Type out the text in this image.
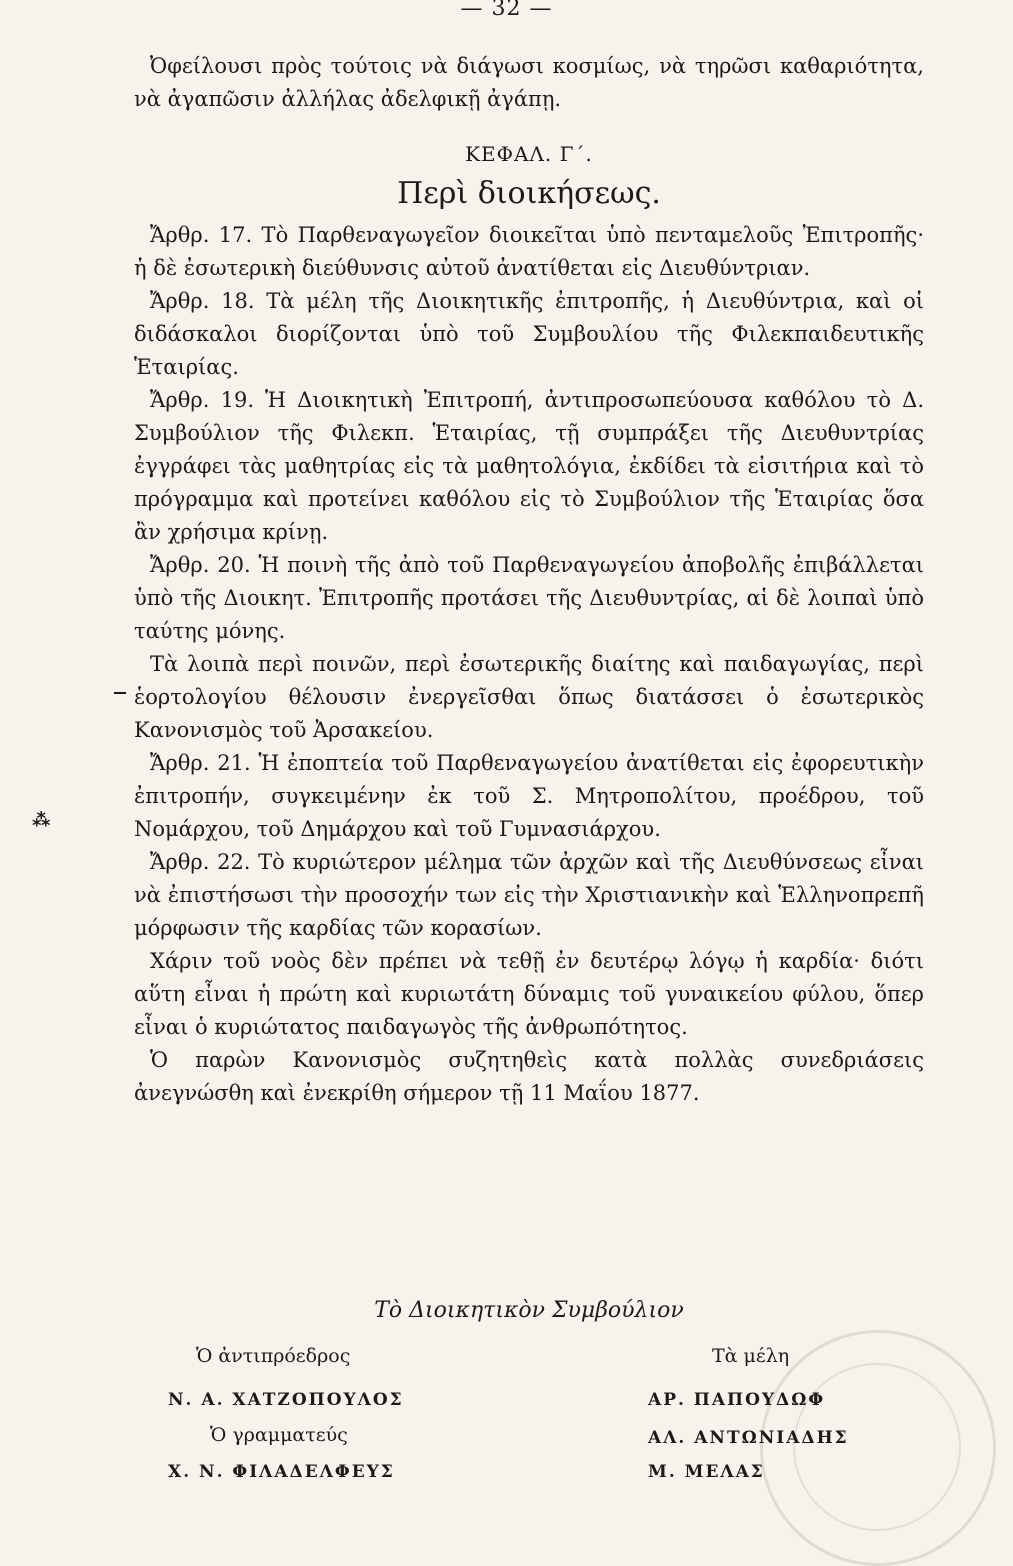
— 32 —
⁂

Ὀφείλουσι πρὸς τούτοις νὰ διάγωσι κοσμίως, νὰ τηρῶσι καθαριότητα, νὰ ἀγαπῶσιν ἀλλήλας ἀδελφικῇ ἀγάπῃ.

ΚΕΦΑΛ. Γ΄.

Περὶ διοικήσεως.

Ἄρθρ. 17. Τὸ Παρθεναγωγεῖον διοικεῖται ὑπὸ πενταμελοῦς Ἐπιτροπῆς· ἡ δὲ ἐσωτερικὴ διεύθυνσις αὐτοῦ ἀνατίθεται εἰς Διευθύντριαν.

Ἄρθρ. 18. Τὰ μέλη τῆς Διοικητικῆς ἐπιτροπῆς, ἡ Διευθύντρια, καὶ οἱ διδάσκαλοι διορίζονται ὑπὸ τοῦ Συμβουλίου τῆς Φιλεκπαιδευτικῆς Ἑταιρίας.

Ἄρθρ. 19. Ἡ Διοικητικὴ Ἐπιτροπή, ἀντιπροσωπεύουσα καθόλου τὸ Δ. Συμβούλιον τῆς Φιλεκπ. Ἑταιρίας, τῇ συμπράξει τῆς Διευθυντρίας ἐγγράφει τὰς μαθητρίας εἰς τὰ μαθητολόγια, ἐκδίδει τὰ εἰσιτήρια καὶ τὸ πρόγραμμα καὶ προτείνει καθόλου εἰς τὸ Συμβούλιον τῆς Ἑταιρίας ὅσα ἂν χρήσιμα κρίνῃ.

Ἄρθρ. 20. Ἡ ποινὴ τῆς ἀπὸ τοῦ Παρθεναγωγείου ἀποβολῆς ἐπιβάλλεται ὑπὸ τῆς Διοικητ. Ἐπιτροπῆς προτάσει τῆς Διευθυντρίας, αἱ δὲ λοιπαὶ ὑπὸ ταύτης μόνης.

Τὰ λοιπὰ περὶ ποινῶν, περὶ ἐσωτερικῆς διαίτης καὶ παιδαγωγίας, περὶ ἑορτολογίου θέλουσιν ἐνεργεῖσθαι ὅπως διατάσσει ὁ ἐσωτερικὸς Κανονισμὸς τοῦ Ἀρσακείου.

Ἄρθρ. 21. Ἡ ἐποπτεία τοῦ Παρθεναγωγείου ἀνατίθεται εἰς ἐφορευτικὴν ἐπιτροπήν, συγκειμένην ἐκ τοῦ Σ. Μητροπολίτου, προέδρου, τοῦ Νομάρχου, τοῦ Δημάρχου καὶ τοῦ Γυμνασιάρχου.

Ἄρθρ. 22. Τὸ κυριώτερον μέλημα τῶν ἀρχῶν καὶ τῆς Διευθύνσεως εἶναι νὰ ἐπιστήσωσι τὴν προσοχήν των εἰς τὴν Χριστιανικὴν καὶ Ἑλληνοπρεπῆ μόρφωσιν τῆς καρδίας τῶν κορασίων.

Χάριν τοῦ νοὸς δὲν πρέπει νὰ τεθῇ ἐν δευτέρῳ λόγῳ ἡ καρδία· διότι αὕτη εἶναι ἡ πρώτη καὶ κυριωτάτη δύναμις τοῦ γυναικείου φύλου, ὅπερ εἶναι ὁ κυριώτατος παιδαγωγὸς τῆς ἀνθρωπότητος.

Ὁ παρὼν Κανονισμὸς συζητηθεὶς κατὰ πολλὰς συνεδριάσεις ἀνεγνώσθη καὶ ἐνεκρίθη σήμερον τῇ 11 Μαΐου 1877.

Τὸ Διοικητικὸν Συμβούλιον
Ὁ ἀντιπρόεδρος	Τὰ μέλη
Ν. Α. ΧΑΤΖΟΠΟΥΛΟΣ	ΑΡ. ΠΑΠΟΥΔΩΦ
Ὁ γραμματεύς	ΑΛ. ΑΝΤΩΝΙΑΔΗΣ
Χ. Ν. ΦΙΛΑΔΕΛΦΕΥΣ	Μ. ΜΕΛΑΣ
